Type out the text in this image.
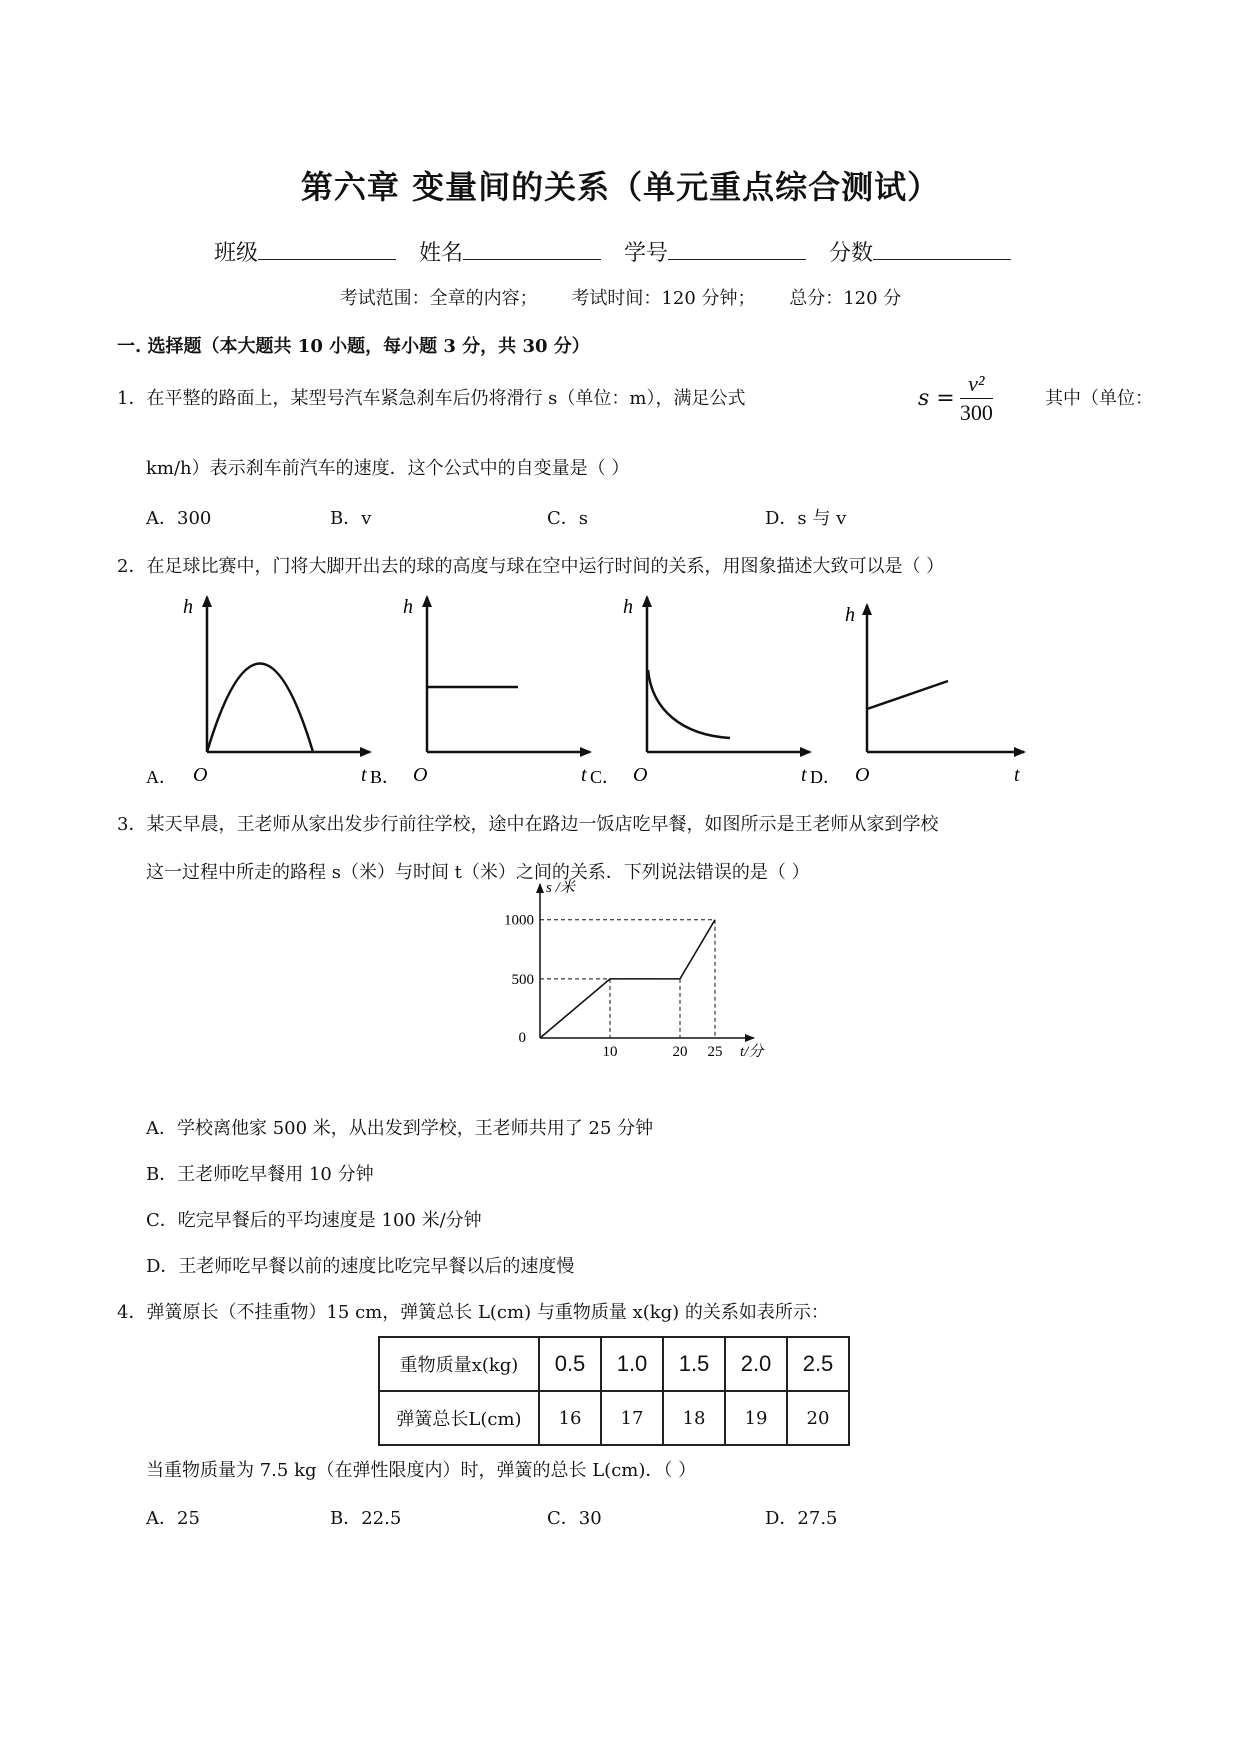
第六章 变量间的关系（单元重点综合测试）
班级	姓名	学号	分数
考试范围：全章的内容； 考试时间：120 分钟； 总分：120 分
一. 选择题（本大题共 10 小题，每小题 3 分，共 30 分）
1．在平整的路面上，某型号汽车紧急刹车后仍将滑行 s（单位：m），满足公式	$s = \frac{\text{v²}}{300}$	其中（单位：
km/h）表示刹车前汽车的速度．这个公式中的自变量是（ ）
A．300	B．v	C．s	D．s 与 v
2．在足球比赛中，门将大脚开出去的球的高度与球在空中运行时间的关系，用图象描述大致可以是（ ）
h
O	t
A．
h
O	t
B．
h
O	t
C．
h
O	t
D．
3．某天早晨，王老师从家出发步行前往学校，途中在路边一饭店吃早餐，如图所示是王老师从家到学校
这一过程中所走的路程 s（米）与时间 t（米）之间的关系．下列说法错误的是（ ）
10	20 25
500
1000
0
s /米
t/分
A．学校离他家 500 米，从出发到学校，王老师共用了 25 分钟
B．王老师吃早餐用 10 分钟
C．吃完早餐后的平均速度是 100 米/分钟
D．王老师吃早餐以前的速度比吃完早餐以后的速度慢
4．弹簧原长（不挂重物）15 cm，弹簧总长 L(cm) 与重物质量 x(kg) 的关系如表所示：
重物质量x(kg)	0.5	1.0	1.5	2.0	2.5
弹簧总长L(cm)	16	17	18	19	20
当重物质量为 7.5 kg（在弹性限度内）时，弹簧的总长 L(cm)．（ ）
A．25	B．22.5	C．30	D．27.5
